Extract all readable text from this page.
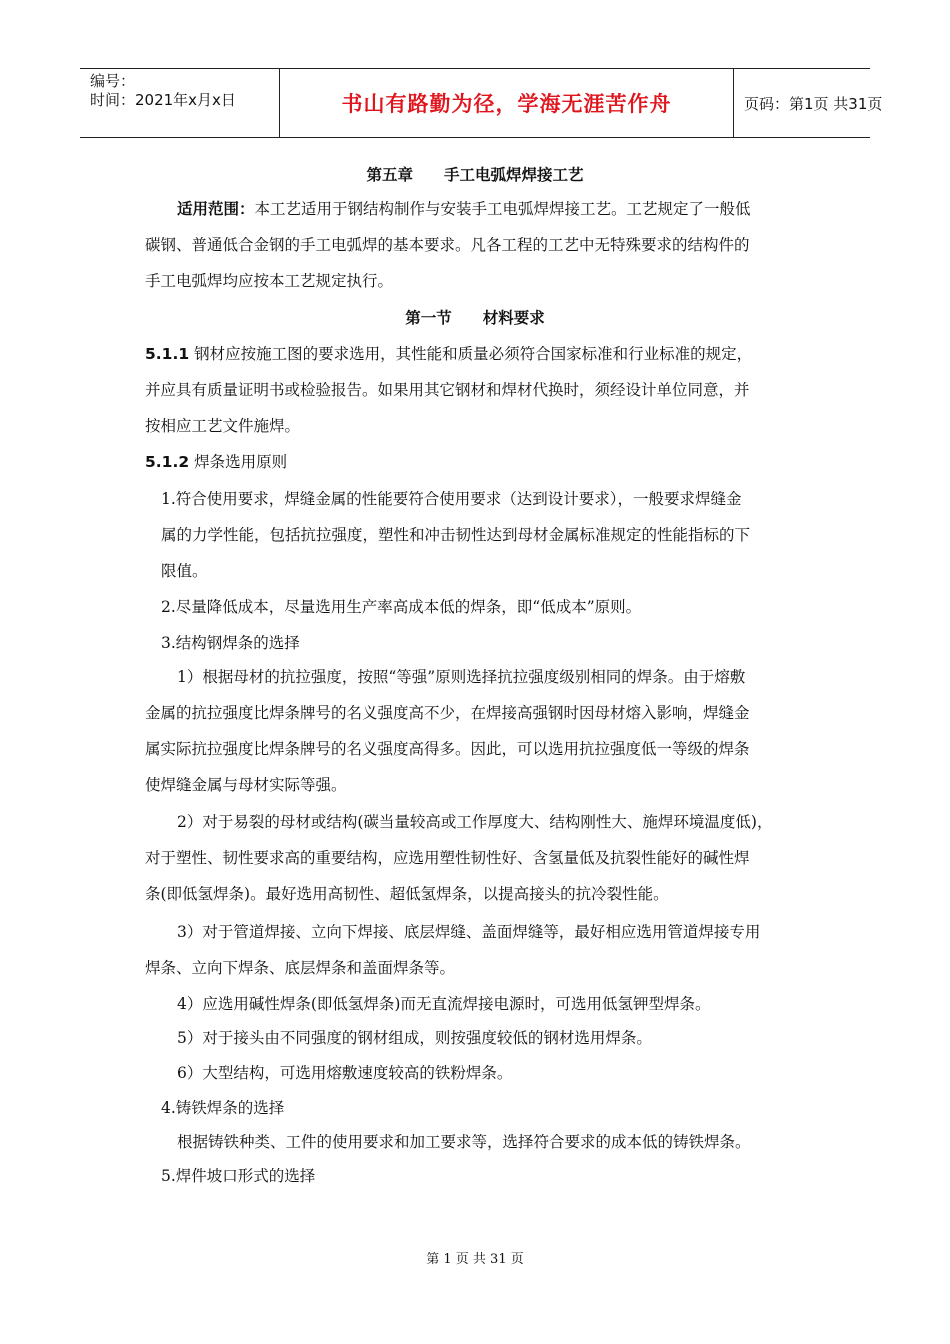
编号：
时间：2021年x月x日	书山有路勤为径，学海无涯苦作舟	页码：第1页 共31页
第五章　　手工电弧焊焊接工艺
适用范围：本工艺适用于钢结构制作与安装手工电弧焊焊接工艺。工艺规定了一般低
碳钢、普通低合金钢的手工电弧焊的基本要求。凡各工程的工艺中无特殊要求的结构件的
手工电弧焊均应按本工艺规定执行。
第一节　　材料要求
5.1.1 钢材应按施工图的要求选用，其性能和质量必须符合国家标准和行业标准的规定，
并应具有质量证明书或检验报告。如果用其它钢材和焊材代换时，须经设计单位同意，并
按相应工艺文件施焊。
5.1.2 焊条选用原则
1.符合使用要求，焊缝金属的性能要符合使用要求（达到设计要求），一般要求焊缝金
属的力学性能，包括抗拉强度，塑性和冲击韧性达到母材金属标准规定的性能指标的下
限值。
2.尽量降低成本，尽量选用生产率高成本低的焊条，即“低成本”原则。
3.结构钢焊条的选择
1）根据母材的抗拉强度，按照“等强”原则选择抗拉强度级别相同的焊条。由于熔敷
金属的抗拉强度比焊条牌号的名义强度高不少，在焊接高强钢时因母材熔入影响，焊缝金
属实际抗拉强度比焊条牌号的名义强度高得多。因此，可以选用抗拉强度低一等级的焊条
使焊缝金属与母材实际等强。
2）对于易裂的母材或结构(碳当量较高或工作厚度大、结构刚性大、施焊环境温度低)，
对于塑性、韧性要求高的重要结构，应选用塑性韧性好、含氢量低及抗裂性能好的碱性焊
条(即低氢焊条)。最好选用高韧性、超低氢焊条，以提高接头的抗冷裂性能。
3）对于管道焊接、立向下焊接、底层焊缝、盖面焊缝等，最好相应选用管道焊接专用
焊条、立向下焊条、底层焊条和盖面焊条等。
4）应选用碱性焊条(即低氢焊条)而无直流焊接电源时，可选用低氢钾型焊条。
5）对于接头由不同强度的钢材组成，则按强度较低的钢材选用焊条。
6）大型结构，可选用熔敷速度较高的铁粉焊条。
4.铸铁焊条的选择
根据铸铁种类、工件的使用要求和加工要求等，选择符合要求的成本低的铸铁焊条。
5.焊件坡口形式的选择
第 1 页 共 31 页
